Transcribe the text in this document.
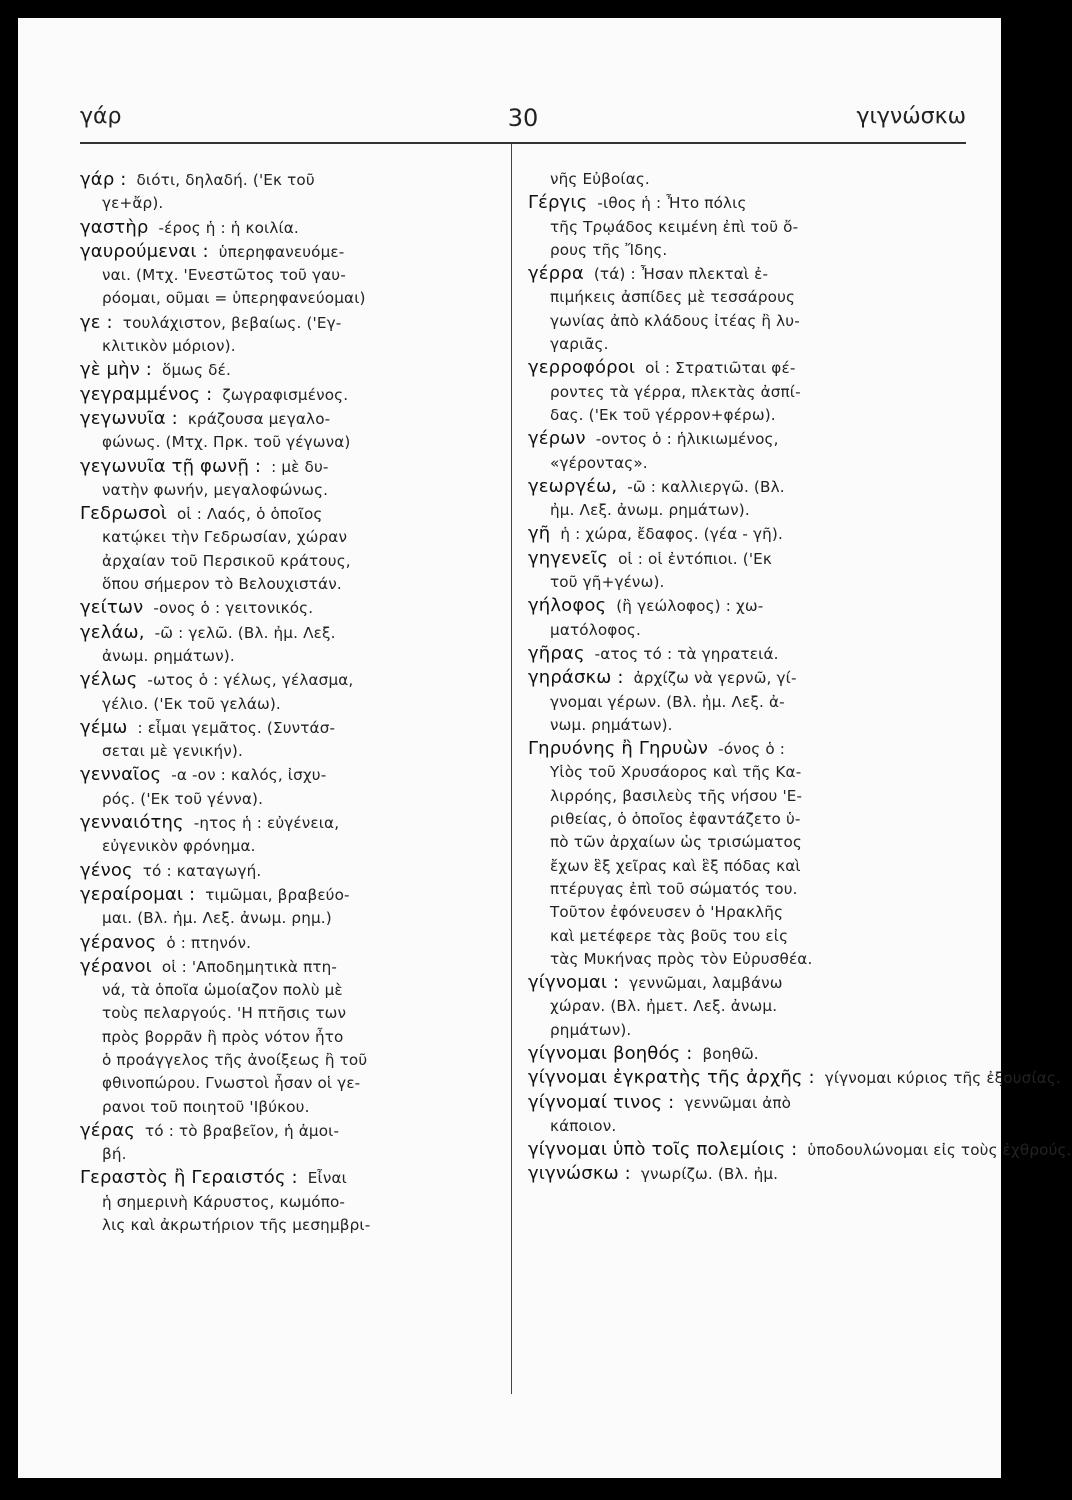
γάρ	30	γιγνώσκω
γάρ : διότι, δηλαδή. ('Εκ τοῦ
γε+ἄρ).
γαστὴρ -έρος ἡ : ἡ κοιλία.
γαυρούμεναι : ὑπερηφανευόμε-
ναι. (Μτχ. 'Ενεστῶτος τοῦ γαυ-
ρόομαι, οῦμαι = ὑπερηφανεύομαι)
γε : τουλάχιστον, βεβαίως. ('Εγ-
κλιτικὸν μόριον).
γὲ μὴν : ὅμως δέ.
γεγραμμένος : ζωγραφισμένος.
γεγωνυῖα : κράζουσα μεγαλο-
φώνως. (Μτχ. Πρκ. τοῦ γέγωνα)
γεγωνυῖα τῇ φωνῇ : : μὲ δυ-
νατὴν φωνήν, μεγαλοφώνως.
Γεδρωσοὶ οἱ : Λαός, ὁ ὁποῖος
κατῴκει τὴν Γεδρωσίαν, χώραν
ἀρχαίαν τοῦ Περσικοῦ κράτους,
ὅπου σήμερον τὸ Βελουχιστάν.
γείτων -ονος ὁ : γειτονικός.
γελάω, -ῶ : γελῶ. (Βλ. ἠμ. Λεξ.
ἀνωμ. ρημάτων).
γέλως -ωτος ὁ : γέλως, γέλασμα,
γέλιο. ('Εκ τοῦ γελάω).
γέμω : εἶμαι γεμᾶτος. (Συντάσ-
σεται μὲ γενικήν).
γενναῖος -α -ον : καλός, ἰσχυ-
ρός. ('Εκ τοῦ γέννα).
γενναιότης -ητος ἡ : εὐγένεια,
εὐγενικὸν φρόνημα.
γένος τό : καταγωγή.
γεραίρομαι : τιμῶμαι, βραβεύο-
μαι. (Βλ. ἠμ. Λεξ. ἀνωμ. ρημ.)
γέρανος ὁ : πτηνόν.
γέρανοι οἱ : 'Αποδημητικὰ πτη-
νά, τὰ ὁποῖα ὡμοίαζον πολὺ μὲ
τοὺς πελαργούς. 'Η πτῆσις των
πρὸς βορρᾶν ἢ πρὸς νότον ἦτο
ὁ προάγγελος τῆς ἀνοίξεως ἢ τοῦ
φθινοπώρου. Γνωστοὶ ἦσαν οἱ γε-
ρανοι τοῦ ποιητοῦ 'Ιβύκου.
γέρας τό : τὸ βραβεῖον, ἡ ἀμοι-
βή.
Γεραστὸς ἢ Γεραιστός : Εἶναι
ἡ σημερινὴ Κάρυστος, κωμόπο-
λις καὶ ἀκρωτήριον τῆς μεσημβρι-
νῆς Εὐβοίας.
Γέργις -ιθος ἡ : Ἦτο πόλις
τῆς Τρῳάδος κειμένη ἐπὶ τοῦ ὄ-
ρους τῆς Ἴδης.
γέρρα (τά) : Ἦσαν πλεκταὶ ἐ-
πιμήκεις ἀσπίδες μὲ τεσσάρους
γωνίας ἀπὸ κλάδους ἰτέας ἢ λυ-
γαριᾶς.
γερροφόροι οἱ : Στρατιῶται φέ-
ροντες τὰ γέρρα, πλεκτὰς ἀσπί-
δας. ('Εκ τοῦ γέρρον+φέρω).
γέρων -οντος ὁ : ἡλικιωμένος,
«γέροντας».
γεωργέω, -ῶ : καλλιεργῶ. (Βλ.
ἠμ. Λεξ. ἀνωμ. ρημάτων).
γῆ ἡ : χώρα, ἔδαφος. (γέα - γῆ).
γηγενεῖς οἱ : οἱ ἐντόπιοι. ('Εκ
τοῦ γῆ+γένω).
γήλοφος (ἢ γεώλοφος) : χω-
ματόλοφος.
γῆρας -ατος τό : τὰ γηρατειά.
γηράσκω : ἀρχίζω νὰ γερνῶ, γί-
γνομαι γέρων. (Βλ. ἠμ. Λεξ. ἀ-
νωμ. ρημάτων).
Γηρυόνης ἢ Γηρυὼν -όνος ὁ :
Υἱὸς τοῦ Χρυσάορος καὶ τῆς Κα-
λιρρόης, βασιλεὺς τῆς νήσου 'Ε-
ριθείας, ὁ ὁποῖος ἐφαντάζετο ὑ-
πὸ τῶν ἀρχαίων ὡς τρισώματος
ἔχων ἓξ χεῖρας καὶ ἓξ πόδας καὶ
πτέρυγας ἐπὶ τοῦ σώματός του.
Τοῦτον ἐφόνευσεν ὁ 'Ηρακλῆς
καὶ μετέφερε τὰς βοῦς του εἰς
τὰς Μυκήνας πρὸς τὸν Εὐρυσθέα.
γίγνομαι : γεννῶμαι, λαμβάνω
χώραν. (Βλ. ἠμετ. Λεξ. ἀνωμ.
ρημάτων).
γίγνομαι βοηθός : βοηθῶ.
γίγνομαι ἐγκρατὴς τῆς ἀρχῆς : γίγνομαι κύριος τῆς ἐξουσίας.
γίγνομαί τινος : γεννῶμαι ἀπὸ
κάποιον.
γίγνομαι ὑπὸ τοῖς πολεμίοις : ὑποδουλώνομαι εἰς τοὺς ἐχθρούς.
γιγνώσκω : γνωρίζω. (Βλ. ἠμ.
